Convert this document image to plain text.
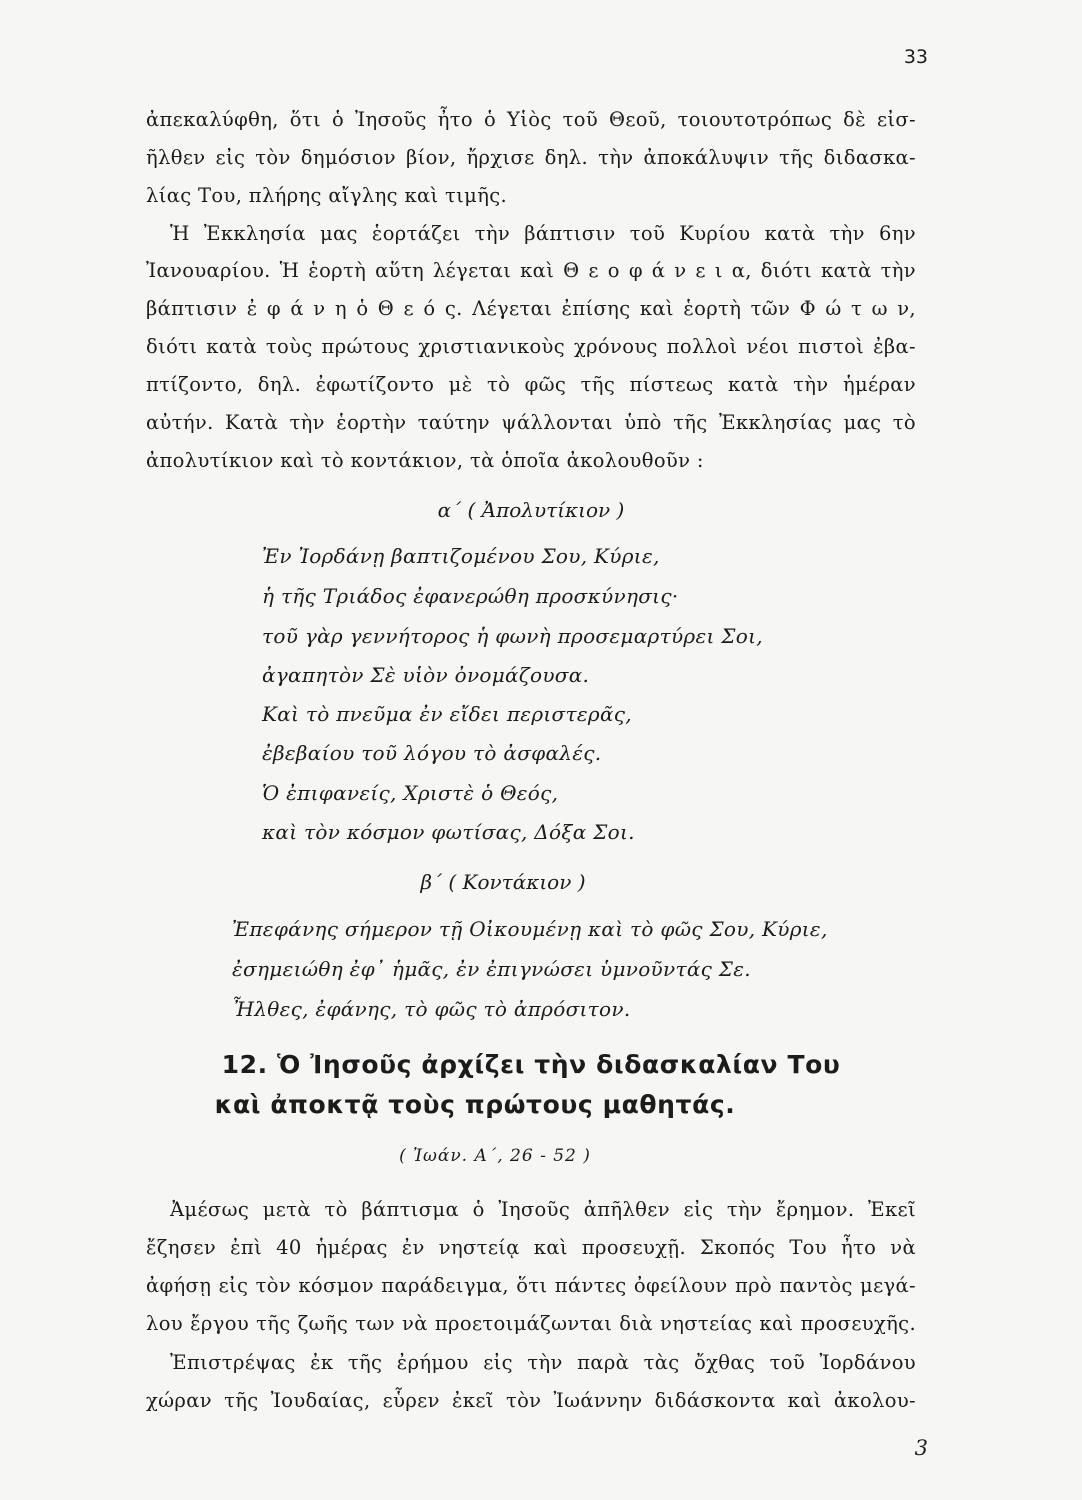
33
ἀπεκαλύφθη, ὅτι ὁ Ἰησοῦς ἦτο ὁ Υἱὸς τοῦ Θεοῦ, τοιουτοτρόπως δὲ εἰσ-
ῆλθεν εἰς τὸν δημόσιον βίον, ἤρχισε δηλ. τὴν ἀποκάλυψιν τῆς διδασκα-
λίας Του, πλήρης αἴγλης καὶ τιμῆς.
Ἡ Ἐκκλησία μας ἑορτάζει τὴν βάπτισιν τοῦ Κυρίου κατὰ τὴν 6ην
Ἰανουαρίου. Ἡ ἑορτὴ αὕτη λέγεται καὶ Θ ε ο φ ά ν ε ι α, διότι κατὰ τὴν
βάπτισιν ἐ φ ά ν η ὁ Θ ε ό ς. Λέγεται ἐπίσης καὶ ἑορτὴ τῶν Φ ώ τ ω ν,
διότι κατὰ τοὺς πρώτους χριστιανικοὺς χρόνους πολλοὶ νέοι πιστοὶ ἐβα-
πτίζοντο, δηλ. ἐφωτίζοντο μὲ τὸ φῶς τῆς πίστεως κατὰ τὴν ἡμέραν
αὐτήν. Κατὰ τὴν ἑορτὴν ταύτην ψάλλονται ὑπὸ τῆς Ἐκκλησίας μας τὸ
ἀπολυτίκιον καὶ τὸ κοντάκιον, τὰ ὁποῖα ἀκολουθοῦν :
α΄ ( Ἀπολυτίκιον )
Ἐν Ἰορδάνῃ βαπτιζομένου Σου, Κύριε,
ἡ τῆς Τριάδος ἐφανερώθη προσκύνησις·
τοῦ γὰρ γεννήτορος ἡ φωνὴ προσεμαρτύρει Σοι,
ἀγαπητὸν Σὲ υἱὸν ὀνομάζουσα.
Καὶ τὸ πνεῦμα ἐν εἴδει περιστερᾶς,
ἐβεβαίου τοῦ λόγου τὸ ἀσφαλές.
Ὁ ἐπιφανείς, Χριστὲ ὁ Θεός,
καὶ τὸν κόσμον φωτίσας, Δόξα Σοι.
β΄ ( Κοντάκιον )
Ἐπεφάνης σήμερον τῇ Οἰκουμένῃ καὶ τὸ φῶς Σου, Κύριε,
ἐσημειώθη ἐφ᾽ ἡμᾶς, ἐν ἐπιγνώσει ὑμνοῦντάς Σε.
Ἦλθες, ἐφάνης, τὸ φῶς τὸ ἀπρόσιτον.
12. Ὁ Ἰησοῦς ἀρχίζει τὴν διδασκαλίαν Του
καὶ ἀποκτᾷ τοὺς πρώτους μαθητάς.
( Ἰωάν. Α΄, 26 - 52 )
Ἀμέσως μετὰ τὸ βάπτισμα ὁ Ἰησοῦς ἀπῆλθεν εἰς τὴν ἔρημον. Ἐκεῖ
ἔζησεν ἐπὶ 40 ἡμέρας ἐν νηστείᾳ καὶ προσευχῇ. Σκοπός Του ἦτο νὰ
ἀφήσῃ εἰς τὸν κόσμον παράδειγμα, ὅτι πάντες ὀφείλουν πρὸ παντὸς μεγά-
λου ἔργου τῆς ζωῆς των νὰ προετοιμάζωνται διὰ νηστείας καὶ προσευχῆς.
Ἐπιστρέψας ἐκ τῆς ἐρήμου εἰς τὴν παρὰ τὰς ὄχθας τοῦ Ἰορδάνου
χώραν τῆς Ἰουδαίας, εὗρεν ἐκεῖ τὸν Ἰωάννην διδάσκοντα καὶ ἀκολου-
3
